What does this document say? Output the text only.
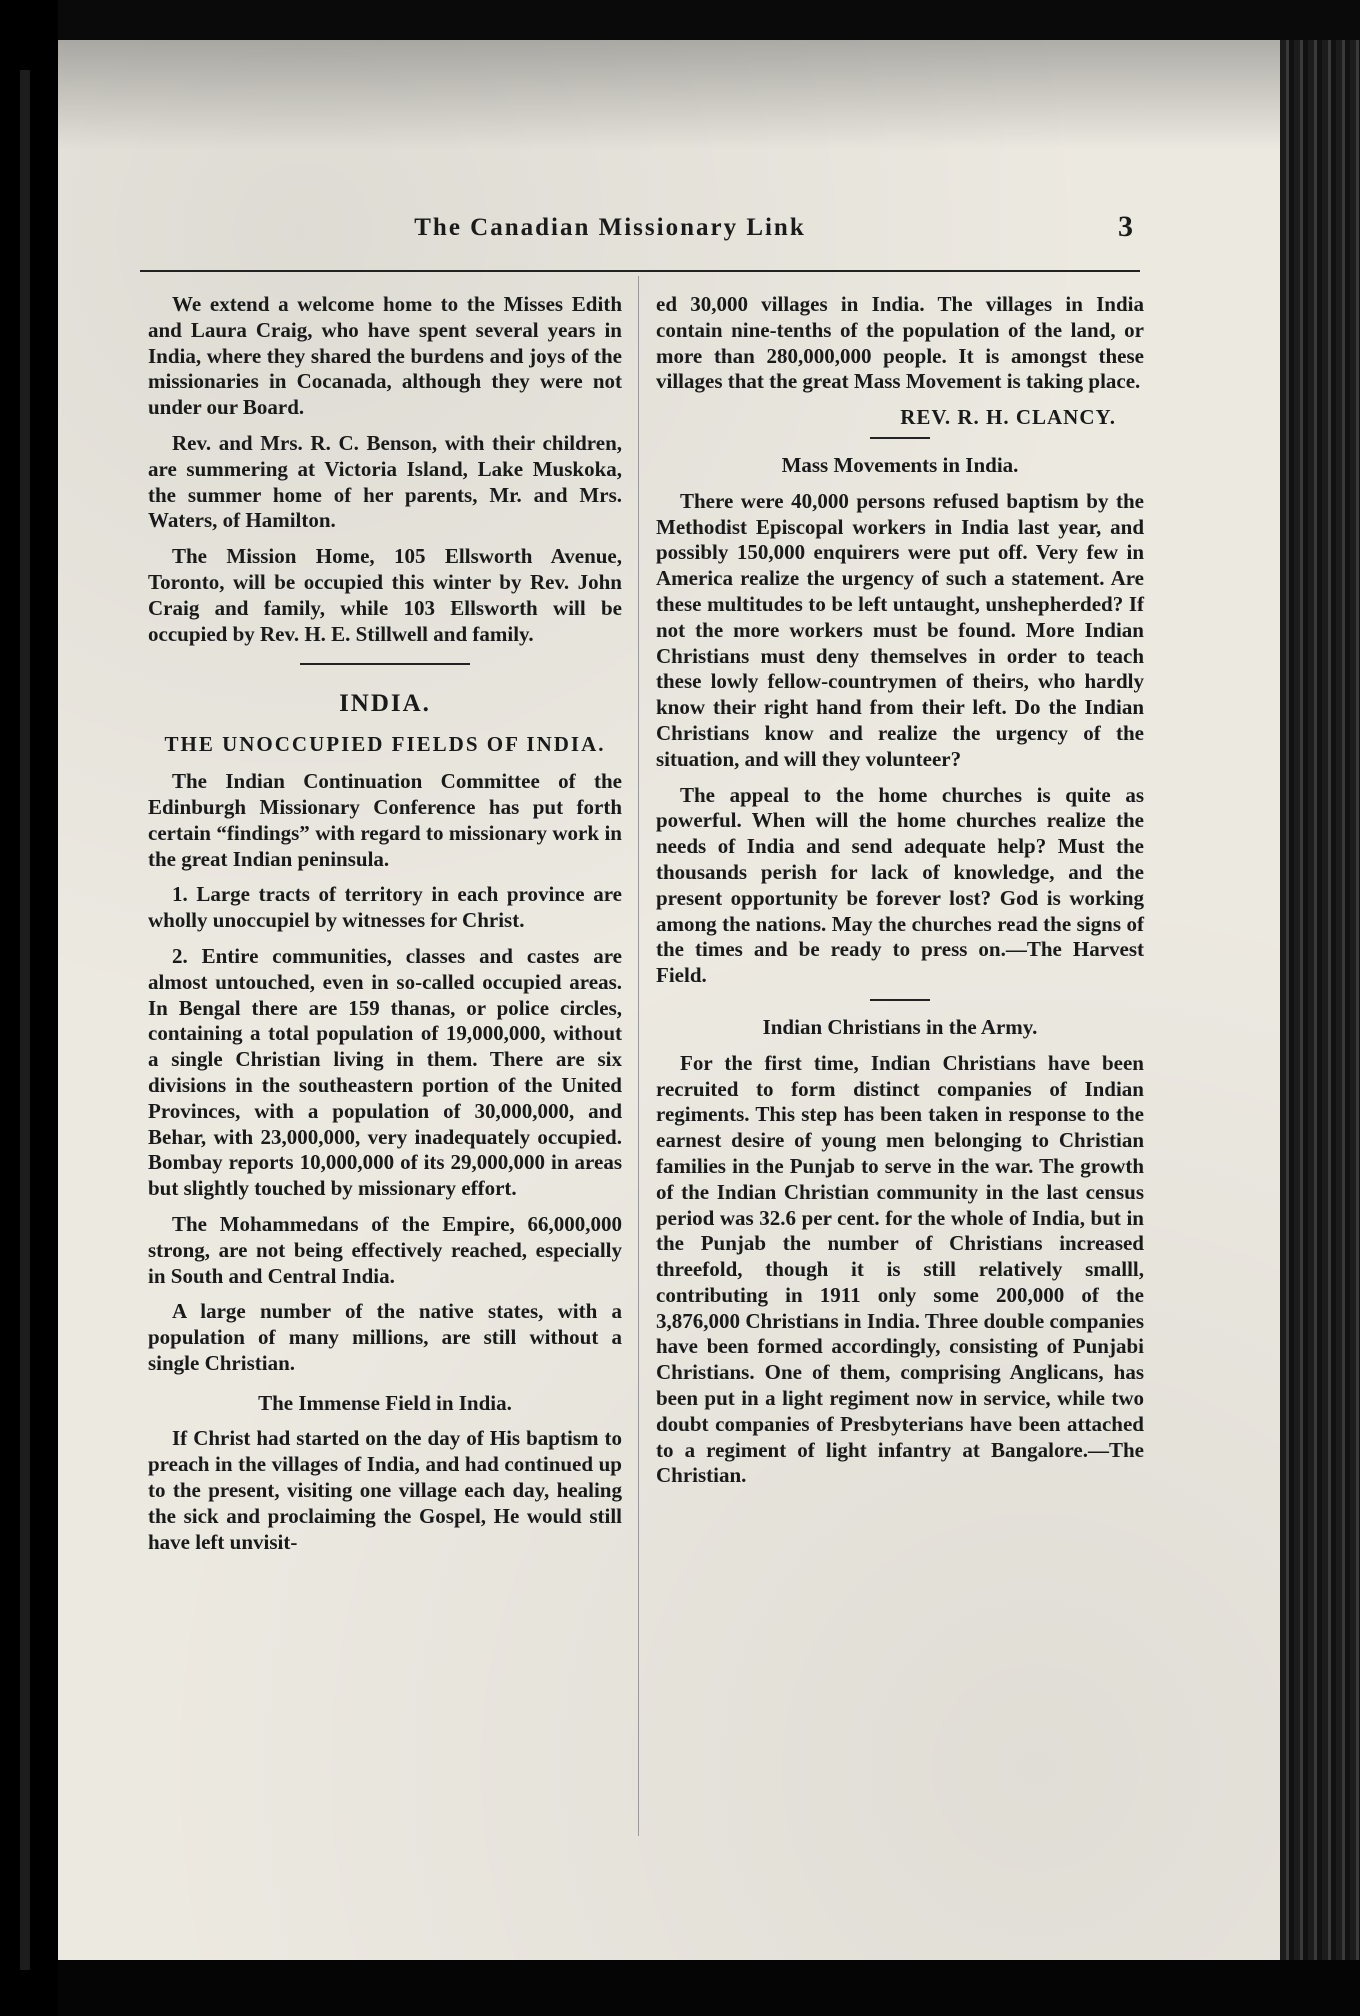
The Canadian Missionary Link	3

We extend a welcome home to the Misses Edith and Laura Craig, who have spent several years in India, where they shared the burdens and joys of the missionaries in Cocanada, although they were not under our Board.

Rev. and Mrs. R. C. Benson, with their children, are summering at Victoria Island, Lake Muskoka, the summer home of her parents, Mr. and Mrs. Waters, of Hamilton.

The Mission Home, 105 Ellsworth Avenue, Toronto, will be occupied this winter by Rev. John Craig and family, while 103 Ellsworth will be occupied by Rev. H. E. Stillwell and family.

INDIA.
THE UNOCCUPIED FIELDS OF INDIA.

The Indian Continuation Committee of the Edinburgh Missionary Conference has put forth certain “findings” with regard to missionary work in the great Indian peninsula.

1. Large tracts of territory in each province are wholly unoccupiel by witnesses for Christ.

2. Entire communities, classes and castes are almost untouched, even in so-called occupied areas. In Bengal there are 159 thanas, or police circles, containing a total population of 19,000,000, without a single Christian living in them. There are six divisions in the southeastern portion of the United Provinces, with a population of 30,000,000, and Behar, with 23,000,000, very inadequately occupied. Bombay reports 10,000,000 of its 29,000,000 in areas but slightly touched by missionary effort.

The Mohammedans of the Empire, 66,000,000 strong, are not being effectively reached, especially in South and Central India.

A large number of the native states, with a population of many millions, are still without a single Christian.

The Immense Field in India.

If Christ had started on the day of His baptism to preach in the villages of India, and had continued up to the present, visiting one village each day, healing the sick and proclaiming the Gospel, He would still have left unvisit-

ed 30,000 villages in India. The villages in India contain nine-tenths of the population of the land, or more than 280,000,000 people. It is amongst these villages that the great Mass Movement is taking place.

REV. R. H. CLANCY.
Mass Movements in India.

There were 40,000 persons refused baptism by the Methodist Episcopal workers in India last year, and possibly 150,000 enquirers were put off. Very few in America realize the urgency of such a statement. Are these multitudes to be left untaught, unshepherded? If not the more workers must be found. More Indian Christians must deny themselves in order to teach these lowly fellow-countrymen of theirs, who hardly know their right hand from their left. Do the Indian Christians know and realize the urgency of the situation, and will they volunteer?

The appeal to the home churches is quite as powerful. When will the home churches realize the needs of India and send adequate help? Must the thousands perish for lack of knowledge, and the present opportunity be forever lost? God is working among the nations. May the churches read the signs of the times and be ready to press on.—The Harvest Field.

Indian Christians in the Army.

For the first time, Indian Christians have been recruited to form distinct companies of Indian regiments. This step has been taken in response to the earnest desire of young men belonging to Christian families in the Punjab to serve in the war. The growth of the Indian Christian community in the last census period was 32.6 per cent. for the whole of India, but in the Punjab the number of Christians increased threefold, though it is still relatively smalll, contributing in 1911 only some 200,000 of the 3,876,000 Christians in India. Three double companies have been formed accordingly, consisting of Punjabi Christians. One of them, comprising Anglicans, has been put in a light regiment now in service, while two doubt companies of Presbyterians have been attached to a regiment of light infantry at Bangalore.—The Christian.
